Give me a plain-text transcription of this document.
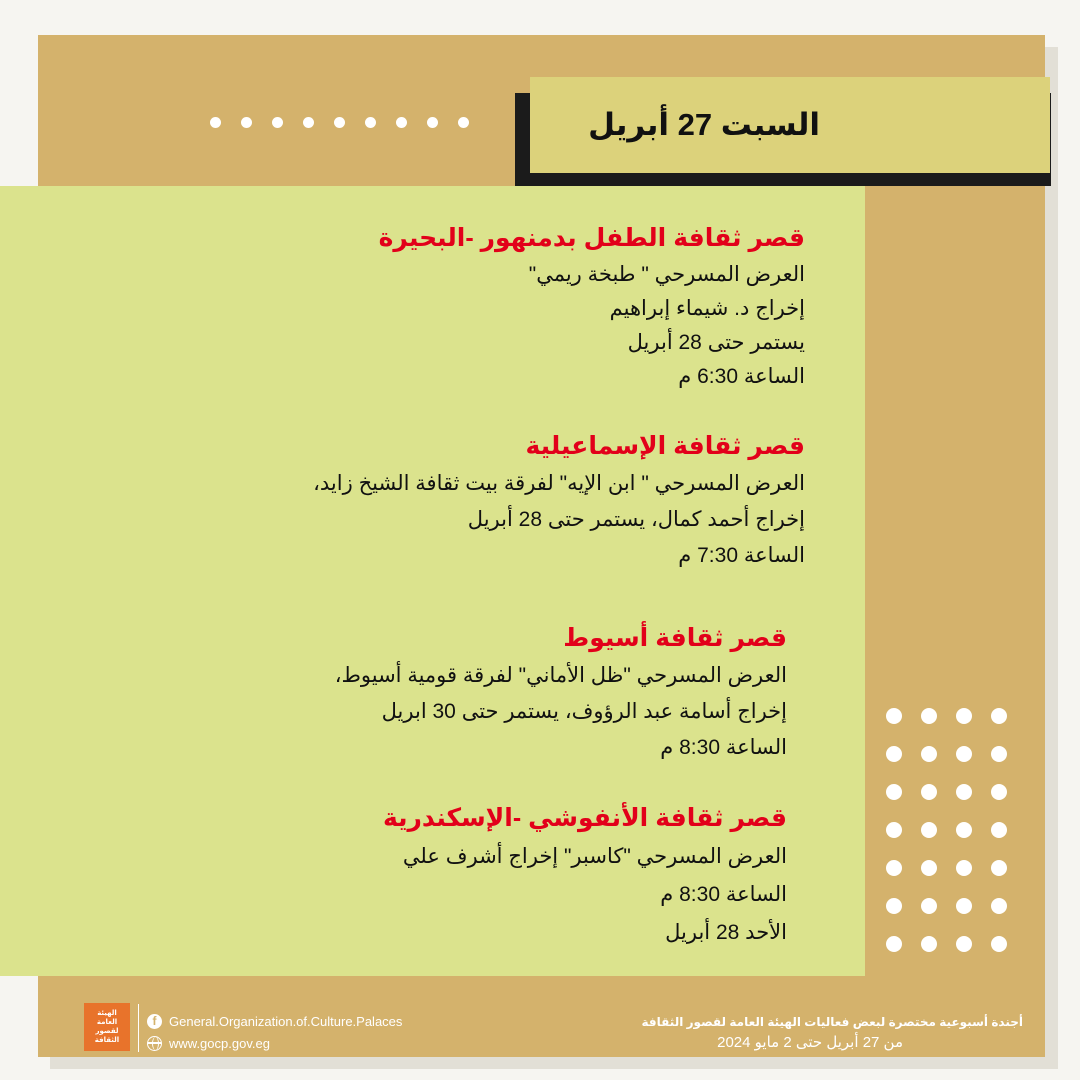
السبت 27 أبريل
قصر ثقافة الطفل بدمنهور -البحيرة
العرض المسرحي " طبخة ريمي"
إخراج د. شيماء إبراهيم
يستمر حتى 28 أبريل
الساعة 6:30 م
قصر ثقافة الإسماعيلية
العرض المسرحي " ابن الإيه" لفرقة بيت ثقافة الشيخ زايد،
إخراج أحمد كمال، يستمر حتى 28 أبريل
الساعة 7:30 م
قصر ثقافة أسيوط
العرض المسرحي "ظل الأماني" لفرقة قومية أسيوط،
إخراج أسامة عبد الرؤوف، يستمر حتى 30 ابريل
الساعة 8:30 م
قصر ثقافة الأنفوشي -الإسكندرية
العرض المسرحي "كاسبر" إخراج أشرف علي
الساعة 8:30 م
الأحد 28 أبريل
الهيئة
العامة
لقصور
الثقافة
f General.Organization.of.Culture.Palaces
www.gocp.gov.eg
أجندة أسبوعية مختصرة لبعض فعاليات الهيئة العامة لقصور الثقافة
من 27 أبريل حتى 2 مايو 2024
